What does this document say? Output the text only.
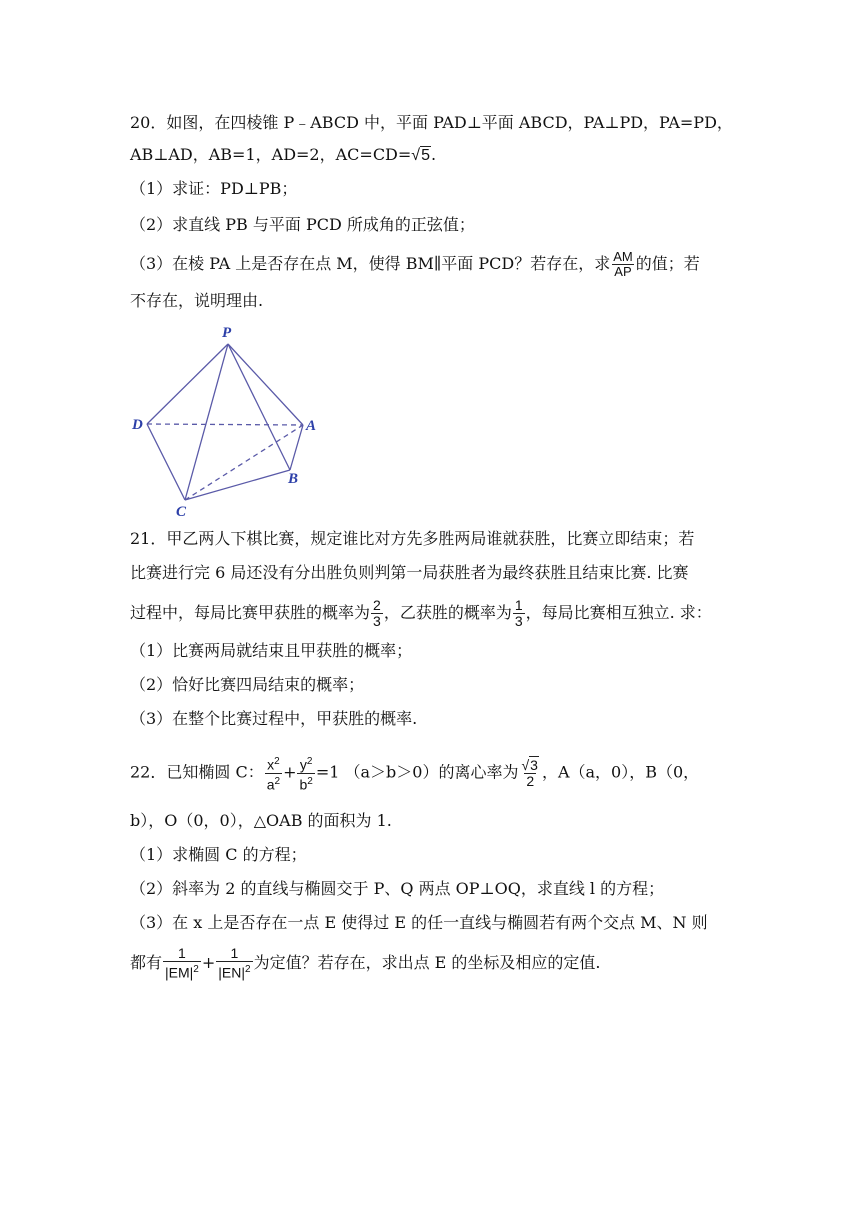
20．如图，在四棱锥 P﹣ABCD 中，平面 PAD⊥平面 ABCD，PA⊥PD，PA=PD，
AB⊥AD，AB=1，AD=2，AC=CD=√5.
（1）求证：PD⊥PB；
（2）求直线 PB 与平面 PCD 所成角的正弦值；
（3）在棱 PA 上是否存在点 M，使得 BM∥平面 PCD？若存在，求 $\frac{AM}{AP}$ 的值；若
不存在，说明理由.
P
D	A
B
C
21．甲乙两人下棋比赛，规定谁比对方先多胜两局谁就获胜，比赛立即结束；若
比赛进行完 6 局还没有分出胜负则判第一局获胜者为最终获胜且结束比赛. 比赛
过程中，每局比赛甲获胜的概率为 $\frac{2}{3}$ ，乙获胜的概率为 $\frac{1}{3}$ ，每局比赛相互独立. 求：
（1）比赛两局就结束且甲获胜的概率；
（2）恰好比赛四局结束的概率；
（3）在整个比赛过程中，甲获胜的概率.
22．已知椭圆 C： $\frac{x^2}{a^2} + \frac{y^2}{b^2} =1$ （a＞b＞0）的离心率为 $\frac{√3}{2}$ ，A（a，0），B（0，
b），O（0，0），△OAB 的面积为 1.
（1）求椭圆 C 的方程；
（2）斜率为 2 的直线与椭圆交于 P、Q 两点 OP⊥OQ，求直线 l 的方程；
（3）在 x 上是否存在一点 E 使得过 E 的任一直线与椭圆若有两个交点 M、N 则
都有 $\frac{1}{|EM|^2} + \frac{1}{|EN|^2}$ 为定值？若存在，求出点 E 的坐标及相应的定值.
